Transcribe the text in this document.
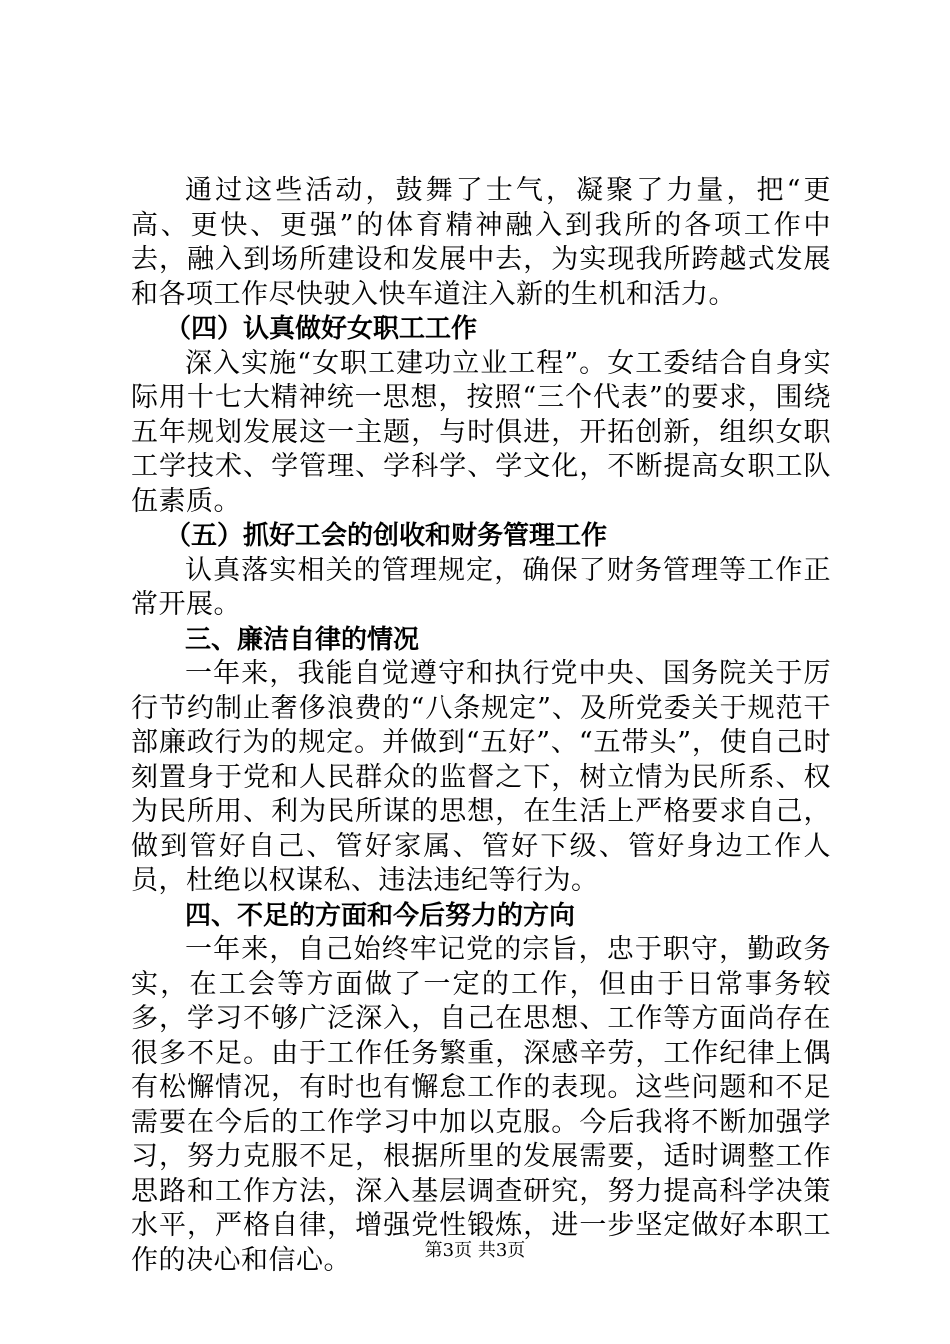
通过这些活动，鼓舞了士气，凝聚了力量，把“更高、更快、更强”的体育精神融入到我所的各项工作中去，融入到场所建设和发展中去，为实现我所跨越式发展和各项工作尽快驶入快车道注入新的生机和活力。

（四）认真做好女职工工作

深入实施“女职工建功立业工程”。女工委结合自身实际用十七大精神统一思想，按照“三个代表”的要求，围绕五年规划发展这一主题，与时俱进，开拓创新，组织女职工学技术、学管理、学科学、学文化，不断提高女职工队伍素质。

（五）抓好工会的创收和财务管理工作

认真落实相关的管理规定，确保了财务管理等工作正常开展。

三、廉洁自律的情况

一年来，我能自觉遵守和执行党中央、国务院关于厉行节约制止奢侈浪费的“八条规定”、及所党委关于规范干部廉政行为的规定。并做到“五好”、“五带头”，使自己时刻置身于党和人民群众的监督之下，树立情为民所系、权为民所用、利为民所谋的思想，在生活上严格要求自己，做到管好自己、管好家属、管好下级、管好身边工作人员，杜绝以权谋私、违法违纪等行为。

四、不足的方面和今后努力的方向

一年来，自己始终牢记党的宗旨，忠于职守，勤政务实，在工会等方面做了一定的工作，但由于日常事务较多，学习不够广泛深入，自己在思想、工作等方面尚存在很多不足。由于工作任务繁重，深感辛劳，工作纪律上偶有松懈情况，有时也有懈怠工作的表现。这些问题和不足需要在今后的工作学习中加以克服。今后我将不断加强学习，努力克服不足，根据所里的发展需要，适时调整工作思路和工作方法，深入基层调查研究，努力提高科学决策水平，严格自律，增强党性锻炼，进一步坚定做好本职工作的决心和信心。	第3页 共3页
